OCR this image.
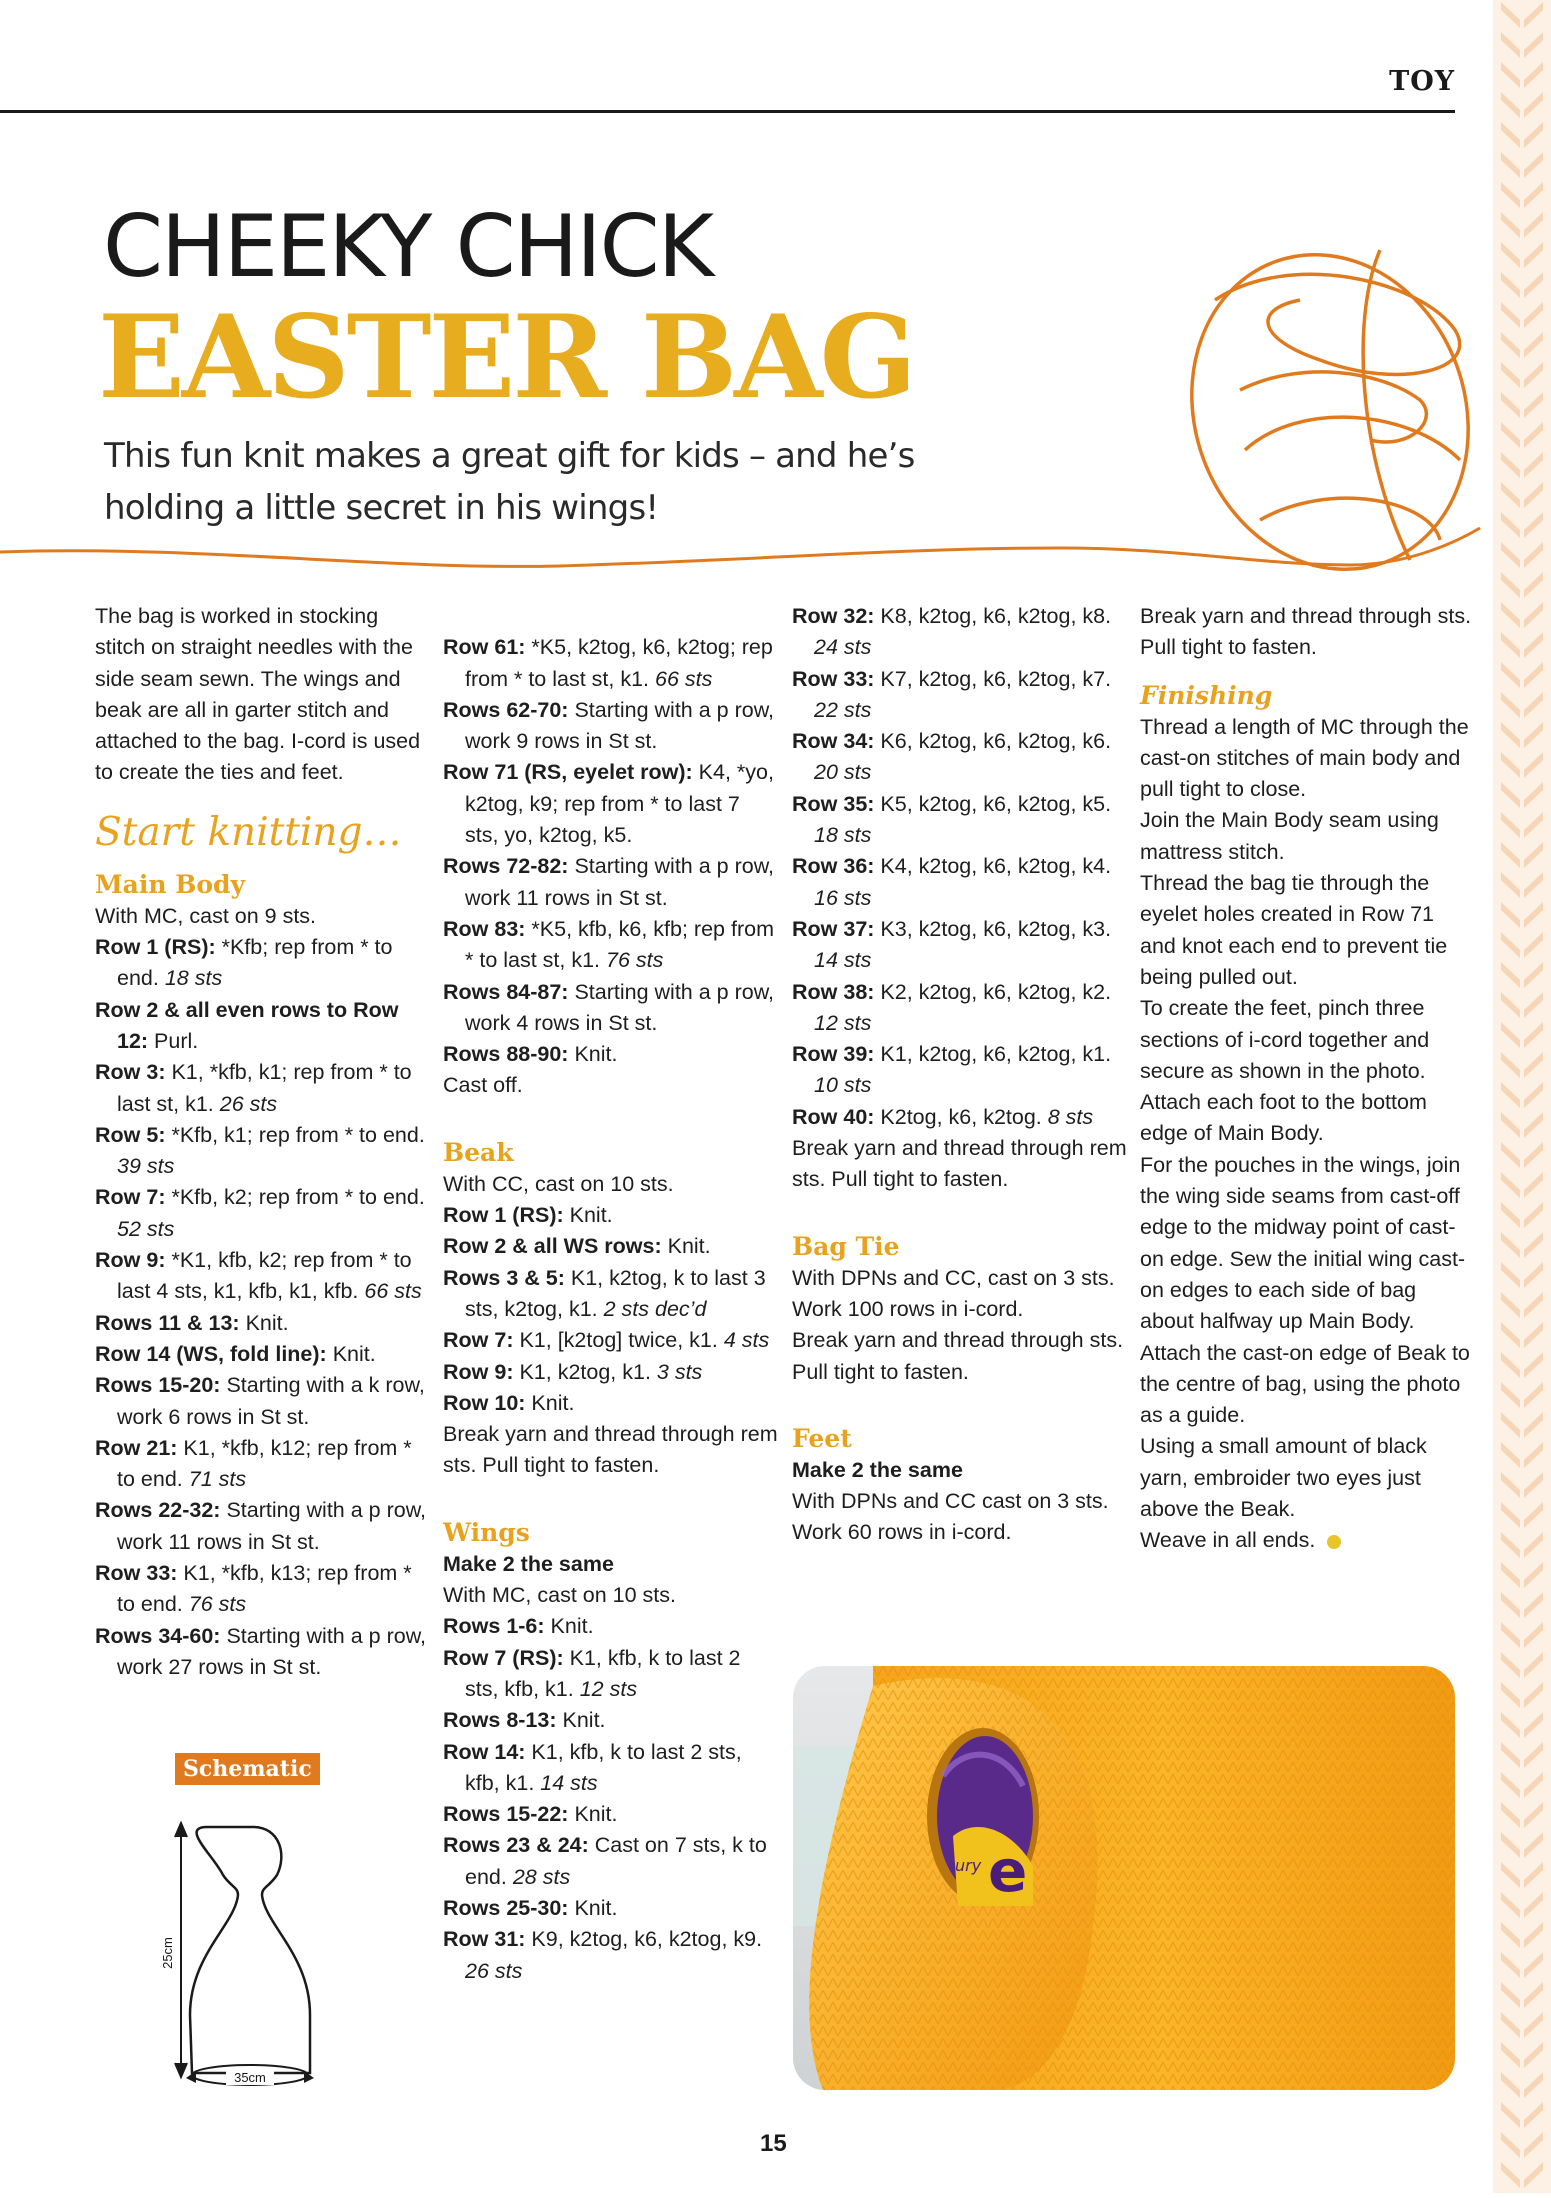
TOY
CHEEKY CHICK
EASTER BAG
This fun knit makes a great gift for kids – and he’s
holding a little secret in his wings!

The bag is worked in stocking stitch on straight needles with the side seam sewn. The wings and beak are all in garter stitch and attached to the bag. I-cord is used to create the ties and feet.

Start knitting…

Main Body

With MC, cast on 9 sts.

Row 1 (RS): *Kfb; rep from * to end. 18 sts

Row 2 & all even rows to Row 12: Purl.

Row 3: K1, *kfb, k1; rep from * to last st, k1. 26 sts

Row 5: *Kfb, k1; rep from * to end. 39 sts

Row 7: *Kfb, k2; rep from * to end. 52 sts

Row 9: *K1, kfb, k2; rep from * to last 4 sts, k1, kfb, k1, kfb. 66 sts

Rows 11 & 13: Knit.

Row 14 (WS, fold line): Knit.

Rows 15-20: Starting with a k row, work 6 rows in St st.

Row 21: K1, *kfb, k12; rep from * to end. 71 sts

Rows 22-32: Starting with a p row, work 11 rows in St st.

Row 33: K1, *kfb, k13; rep from * to end. 76 sts

Rows 34-60: Starting with a p row, work 27 rows in St st.

Schematic
35cm
25cm

Row 61: *K5, k2tog, k6, k2tog; rep from * to last st, k1. 66 sts

Rows 62-70: Starting with a p row, work 9 rows in St st.

Row 71 (RS, eyelet row): K4, *yo, k2tog, k9; rep from * to last 7 sts, yo, k2tog, k5.

Rows 72-82: Starting with a p row, work 11 rows in St st.

Row 83: *K5, kfb, k6, kfb; rep from * to last st, k1. 76 sts

Rows 84-87: Starting with a p row, work 4 rows in St st.

Rows 88-90: Knit.

Cast off.

Beak

With CC, cast on 10 sts.

Row 1 (RS): Knit.

Row 2 & all WS rows: Knit.

Rows 3 & 5: K1, k2tog, k to last 3 sts, k2tog, k1. 2 sts dec’d

Row 7: K1, [k2tog] twice, k1. 4 sts

Row 9: K1, k2tog, k1. 3 sts

Row 10: Knit.

Break yarn and thread through rem sts. Pull tight to fasten.

Wings

Make 2 the same

With MC, cast on 10 sts.

Rows 1-6: Knit.

Row 7 (RS): K1, kfb, k to last 2 sts, kfb, k1. 12 sts

Rows 8-13: Knit.

Row 14: K1, kfb, k to last 2 sts, kfb, k1. 14 sts

Rows 15-22: Knit.

Rows 23 & 24: Cast on 7 sts, k to end. 28 sts

Rows 25-30: Knit.

Row 31: K9, k2tog, k6, k2tog, k9. 26 sts

Row 32: K8, k2tog, k6, k2tog, k8. 24 sts

Row 33: K7, k2tog, k6, k2tog, k7. 22 sts

Row 34: K6, k2tog, k6, k2tog, k6. 20 sts

Row 35: K5, k2tog, k6, k2tog, k5. 18 sts

Row 36: K4, k2tog, k6, k2tog, k4. 16 sts

Row 37: K3, k2tog, k6, k2tog, k3. 14 sts

Row 38: K2, k2tog, k6, k2tog, k2. 12 sts

Row 39: K1, k2tog, k6, k2tog, k1. 10 sts

Row 40: K2tog, k6, k2tog. 8 sts

Break yarn and thread through rem sts. Pull tight to fasten.

Bag Tie

With DPNs and CC, cast on 3 sts.

Work 100 rows in i-cord.

Break yarn and thread through sts. Pull tight to fasten.

Feet

Make 2 the same

With DPNs and CC cast on 3 sts.

Work 60 rows in i-cord.

Break yarn and thread through sts. Pull tight to fasten.

Finishing

Thread a length of MC through the cast-on stitches of main body and pull tight to close.

Join the Main Body seam using mattress stitch.

Thread the bag tie through the eyelet holes created in Row 71 and knot each end to prevent tie being pulled out.

To create the feet, pinch three sections of i-cord together and secure as shown in the photo. Attach each foot to the bottom edge of Main Body.

For the pouches in the wings, join the wing side seams from cast-off edge to the midway point of cast-on edge. Sew the initial wing cast-on edges to each side of bag about halfway up Main Body.

Attach the cast-on edge of Beak to the centre of bag, using the photo as a guide.

Using a small amount of black yarn, embroider two eyes just above the Beak.

Weave in all ends.

e
ury
15
